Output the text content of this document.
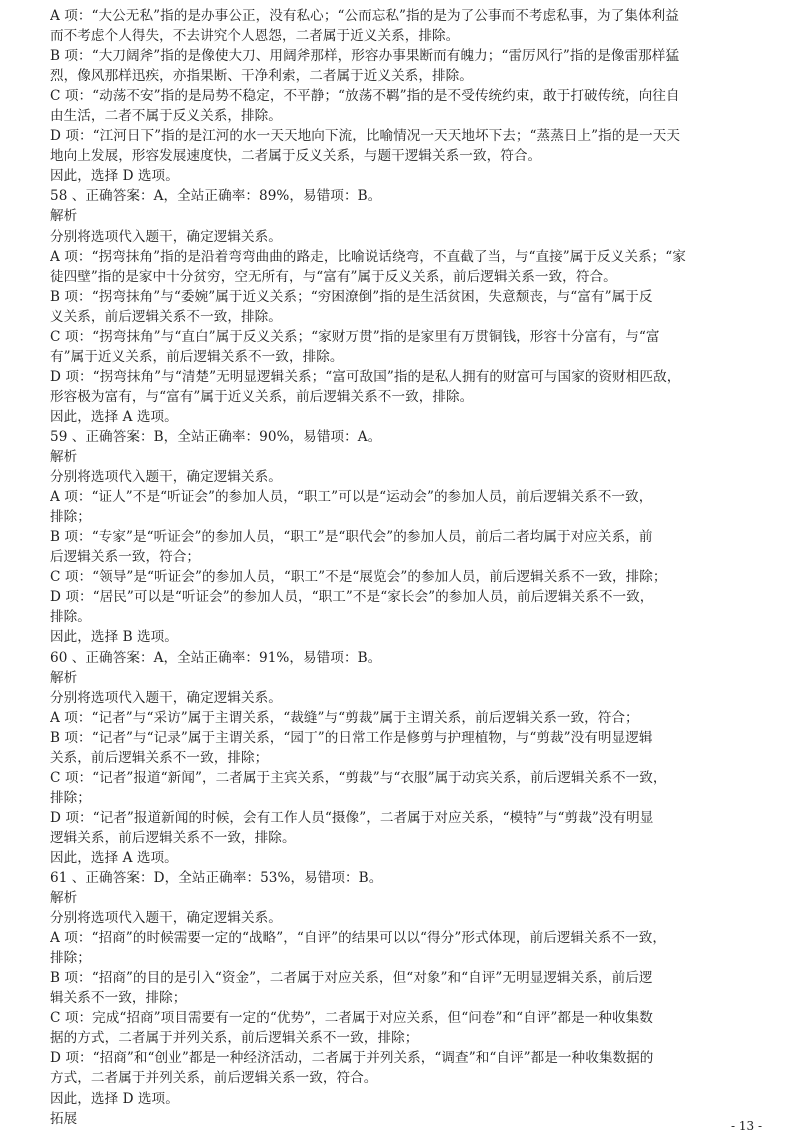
A 项：“大公无私”指的是办事公正，没有私心；“公而忘私”指的是为了公事而不考虑私事，为了集体利益
而不考虑个人得失，不去讲究个人恩怨，二者属于近义关系，排除。
B 项：“大刀阔斧”指的是像使大刀、用阔斧那样，形容办事果断而有魄力；“雷厉风行”指的是像雷那样猛
烈，像风那样迅疾，亦指果断、干净利索，二者属于近义关系，排除。
C 项：“动荡不安”指的是局势不稳定，不平静；“放荡不羁”指的是不受传统约束，敢于打破传统，向往自
由生活，二者不属于反义关系，排除。
D 项：“江河日下”指的是江河的水一天天地向下流，比喻情况一天天地坏下去；“蒸蒸日上”指的是一天天
地向上发展，形容发展速度快，二者属于反义关系，与题干逻辑关系一致，符合。
因此，选择 D 选项。
58 、正确答案：A，全站正确率：89%，易错项：B。
解析
分别将选项代入题干，确定逻辑关系。
A 项：“拐弯抹角”指的是沿着弯弯曲曲的路走，比喻说话绕弯，不直截了当，与“直接”属于反义关系；“家
徒四壁”指的是家中十分贫穷，空无所有，与“富有”属于反义关系，前后逻辑关系一致，符合。
B 项：“拐弯抹角”与“委婉”属于近义关系；“穷困潦倒”指的是生活贫困，失意颓丧，与“富有”属于反
义关系，前后逻辑关系不一致，排除。
C 项：“拐弯抹角”与“直白”属于反义关系；“家财万贯”指的是家里有万贯铜钱，形容十分富有，与“富
有”属于近义关系，前后逻辑关系不一致，排除。
D 项：“拐弯抹角”与“清楚”无明显逻辑关系；“富可敌国”指的是私人拥有的财富可与国家的资财相匹敌，
形容极为富有，与“富有”属于近义关系，前后逻辑关系不一致，排除。
因此，选择 A 选项。
59 、正确答案：B，全站正确率：90%，易错项：A。
解析
分别将选项代入题干，确定逻辑关系。
A 项：“证人”不是“听证会”的参加人员，“职工”可以是“运动会”的参加人员，前后逻辑关系不一致，
排除；
B 项：“专家”是“听证会”的参加人员，“职工”是“职代会”的参加人员，前后二者均属于对应关系，前
后逻辑关系一致，符合；
C 项：“领导”是“听证会”的参加人员，“职工”不是“展览会”的参加人员，前后逻辑关系不一致，排除；
D 项：“居民”可以是“听证会”的参加人员，“职工”不是“家长会”的参加人员，前后逻辑关系不一致，
排除。
因此，选择 B 选项。
60 、正确答案：A，全站正确率：91%，易错项：B。
解析
分别将选项代入题干，确定逻辑关系。
A 项：“记者”与“采访”属于主谓关系，“裁缝”与“剪裁”属于主谓关系，前后逻辑关系一致，符合；
B 项：“记者”与“记录”属于主谓关系，“园丁”的日常工作是修剪与护理植物，与“剪裁”没有明显逻辑
关系，前后逻辑关系不一致，排除；
C 项：“记者”报道“新闻”，二者属于主宾关系，“剪裁”与“衣服”属于动宾关系，前后逻辑关系不一致，
排除；
D 项：“记者”报道新闻的时候，会有工作人员“摄像”，二者属于对应关系，“模特”与“剪裁”没有明显
逻辑关系，前后逻辑关系不一致，排除。
因此，选择 A 选项。
61 、正确答案：D，全站正确率：53%，易错项：B。
解析
分别将选项代入题干，确定逻辑关系。
A 项：“招商”的时候需要一定的“战略”，“自评”的结果可以以“得分”形式体现，前后逻辑关系不一致，
排除；
B 项：“招商”的目的是引入“资金”，二者属于对应关系，但“对象”和“自评”无明显逻辑关系，前后逻
辑关系不一致，排除；
C 项：完成“招商”项目需要有一定的“优势”，二者属于对应关系，但“问卷”和“自评”都是一种收集数
据的方式，二者属于并列关系，前后逻辑关系不一致，排除；
D 项：“招商”和“创业”都是一种经济活动，二者属于并列关系，“调查”和“自评”都是一种收集数据的
方式，二者属于并列关系，前后逻辑关系一致，符合。
因此，选择 D 选项。
拓展	- 13 -
